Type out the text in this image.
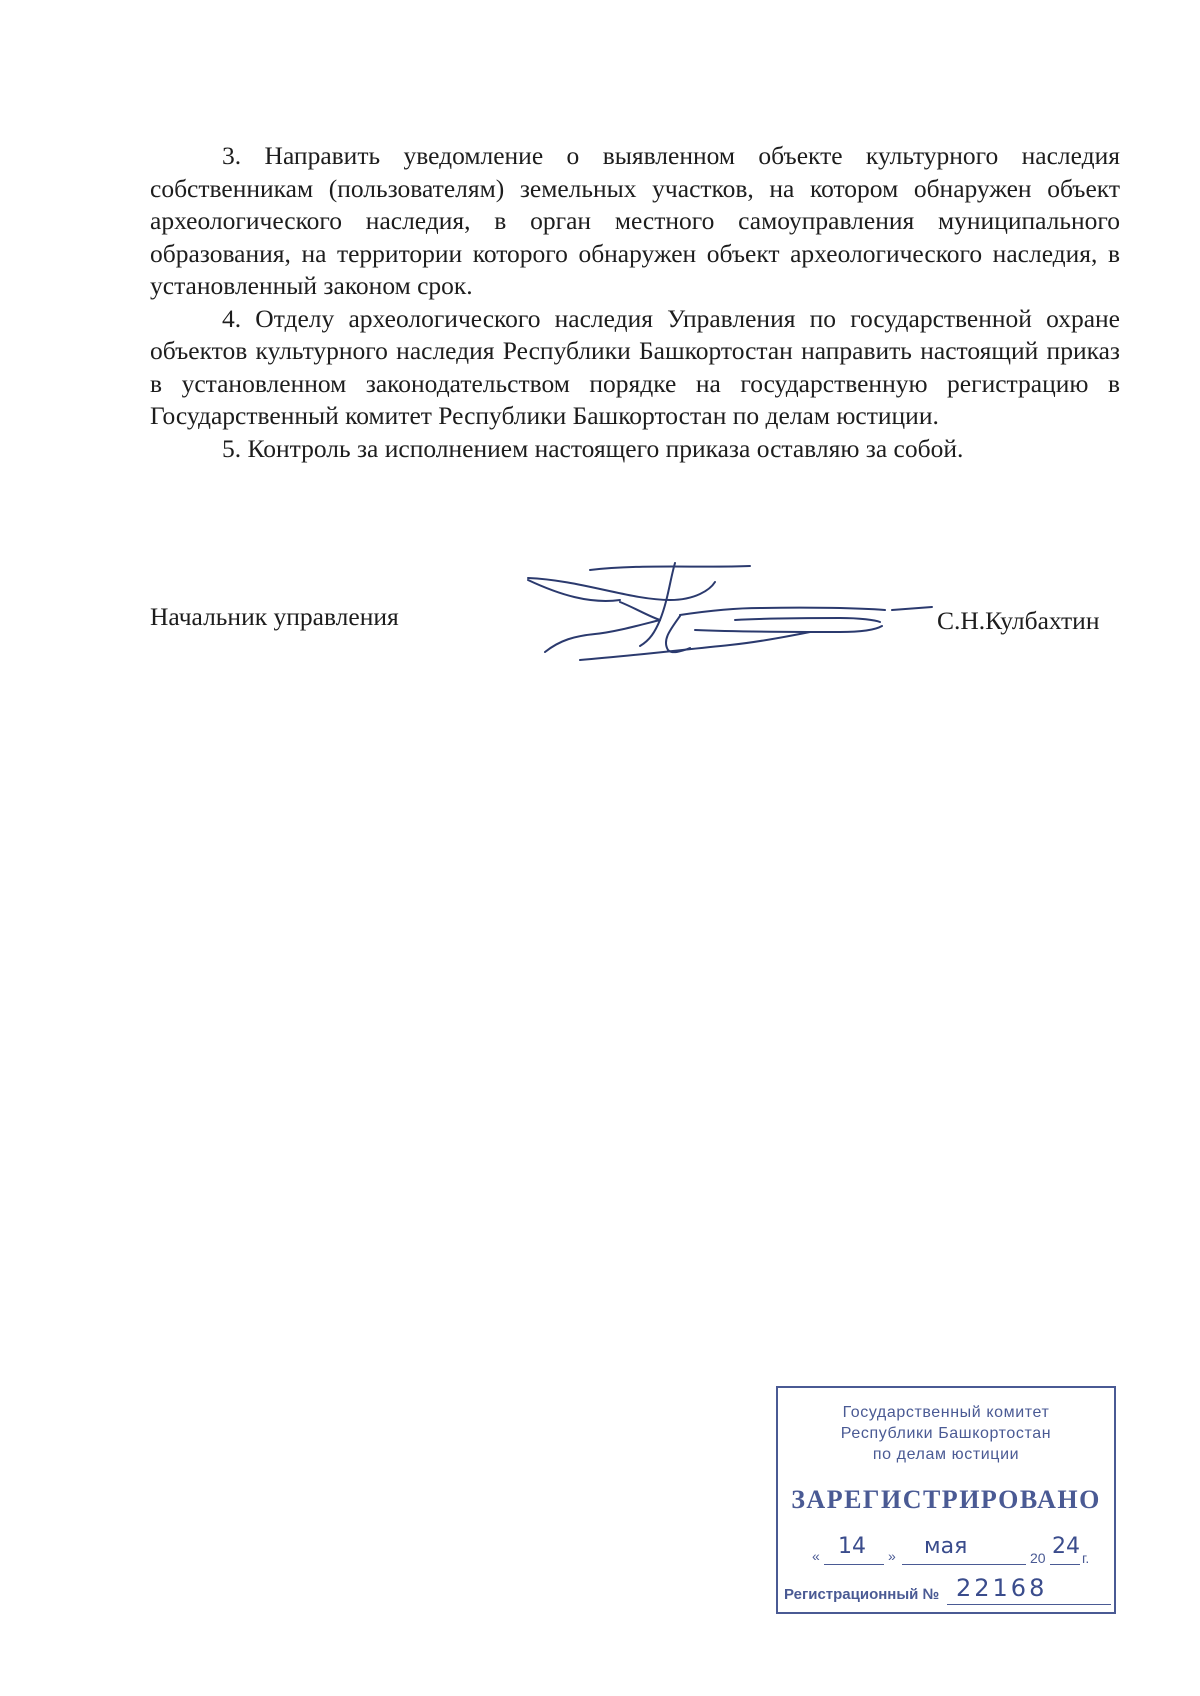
3. Направить уведомление о выявленном объекте культурного наследия собственникам (пользователям) земельных участков, на котором обнаружен объект археологического наследия, в орган местного самоуправления муниципального образования, на территории которого обнаружен объект археологического наследия, в установленный законом срок.

4. Отделу археологического наследия Управления по государственной охране объектов культурного наследия Республики Башкортостан направить настоящий приказ в установленном законодательством порядке на государственную регистрацию в Государственный комитет Республики Башкортостан по делам юстиции.

5. Контроль за исполнением настоящего приказа оставляю за собой.

Начальник управления	С.Н.Кулбахтин
Государственный комитет
Республики Башкортостан
по делам юстиции
ЗАРЕГИСТРИРОВАНО
« 14 » мая	20 24 г.
Регистрационный № 22168
